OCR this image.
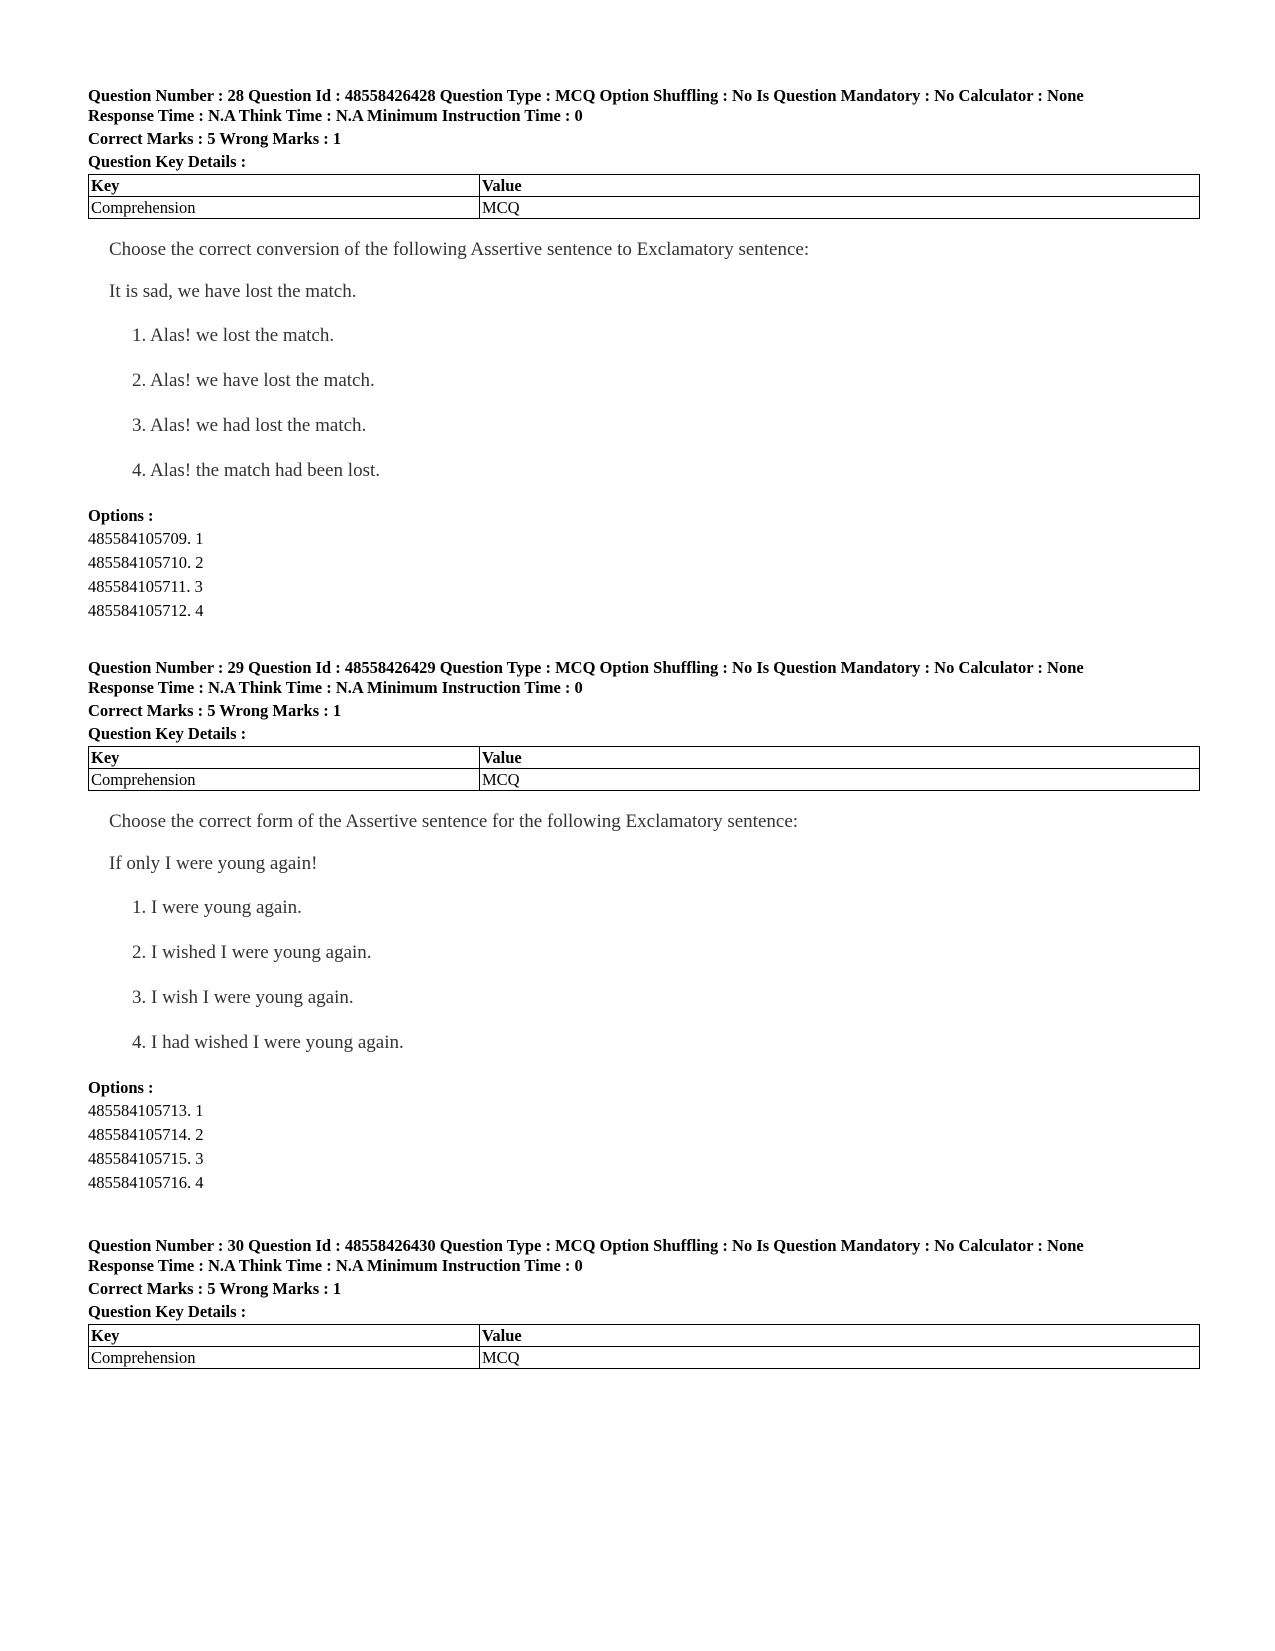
Question Number : 28 Question Id : 48558426428 Question Type : MCQ Option Shuffling : No Is Question Mandatory : No Calculator : None
Response Time : N.A Think Time : N.A Minimum Instruction Time : 0
Correct Marks : 5 Wrong Marks : 1
Question Key Details :
Key	Value
Comprehension	MCQ
Choose the correct conversion of the following Assertive sentence to Exclamatory sentence:
It is sad, we have lost the match.
1. Alas! we lost the match.
2. Alas! we have lost the match.
3. Alas! we had lost the match.
4. Alas! the match had been lost.
Options :
485584105709. 1
485584105710. 2
485584105711. 3
485584105712. 4
Question Number : 29 Question Id : 48558426429 Question Type : MCQ Option Shuffling : No Is Question Mandatory : No Calculator : None
Response Time : N.A Think Time : N.A Minimum Instruction Time : 0
Correct Marks : 5 Wrong Marks : 1
Question Key Details :
Key	Value
Comprehension	MCQ
Choose the correct form of the Assertive sentence for the following Exclamatory sentence:
If only I were young again!
1. I were young again.
2. I wished I were young again.
3. I wish I were young again.
4. I had wished I were young again.
Options :
485584105713. 1
485584105714. 2
485584105715. 3
485584105716. 4
Question Number : 30 Question Id : 48558426430 Question Type : MCQ Option Shuffling : No Is Question Mandatory : No Calculator : None
Response Time : N.A Think Time : N.A Minimum Instruction Time : 0
Correct Marks : 5 Wrong Marks : 1
Question Key Details :
Key	Value
Comprehension	MCQ
